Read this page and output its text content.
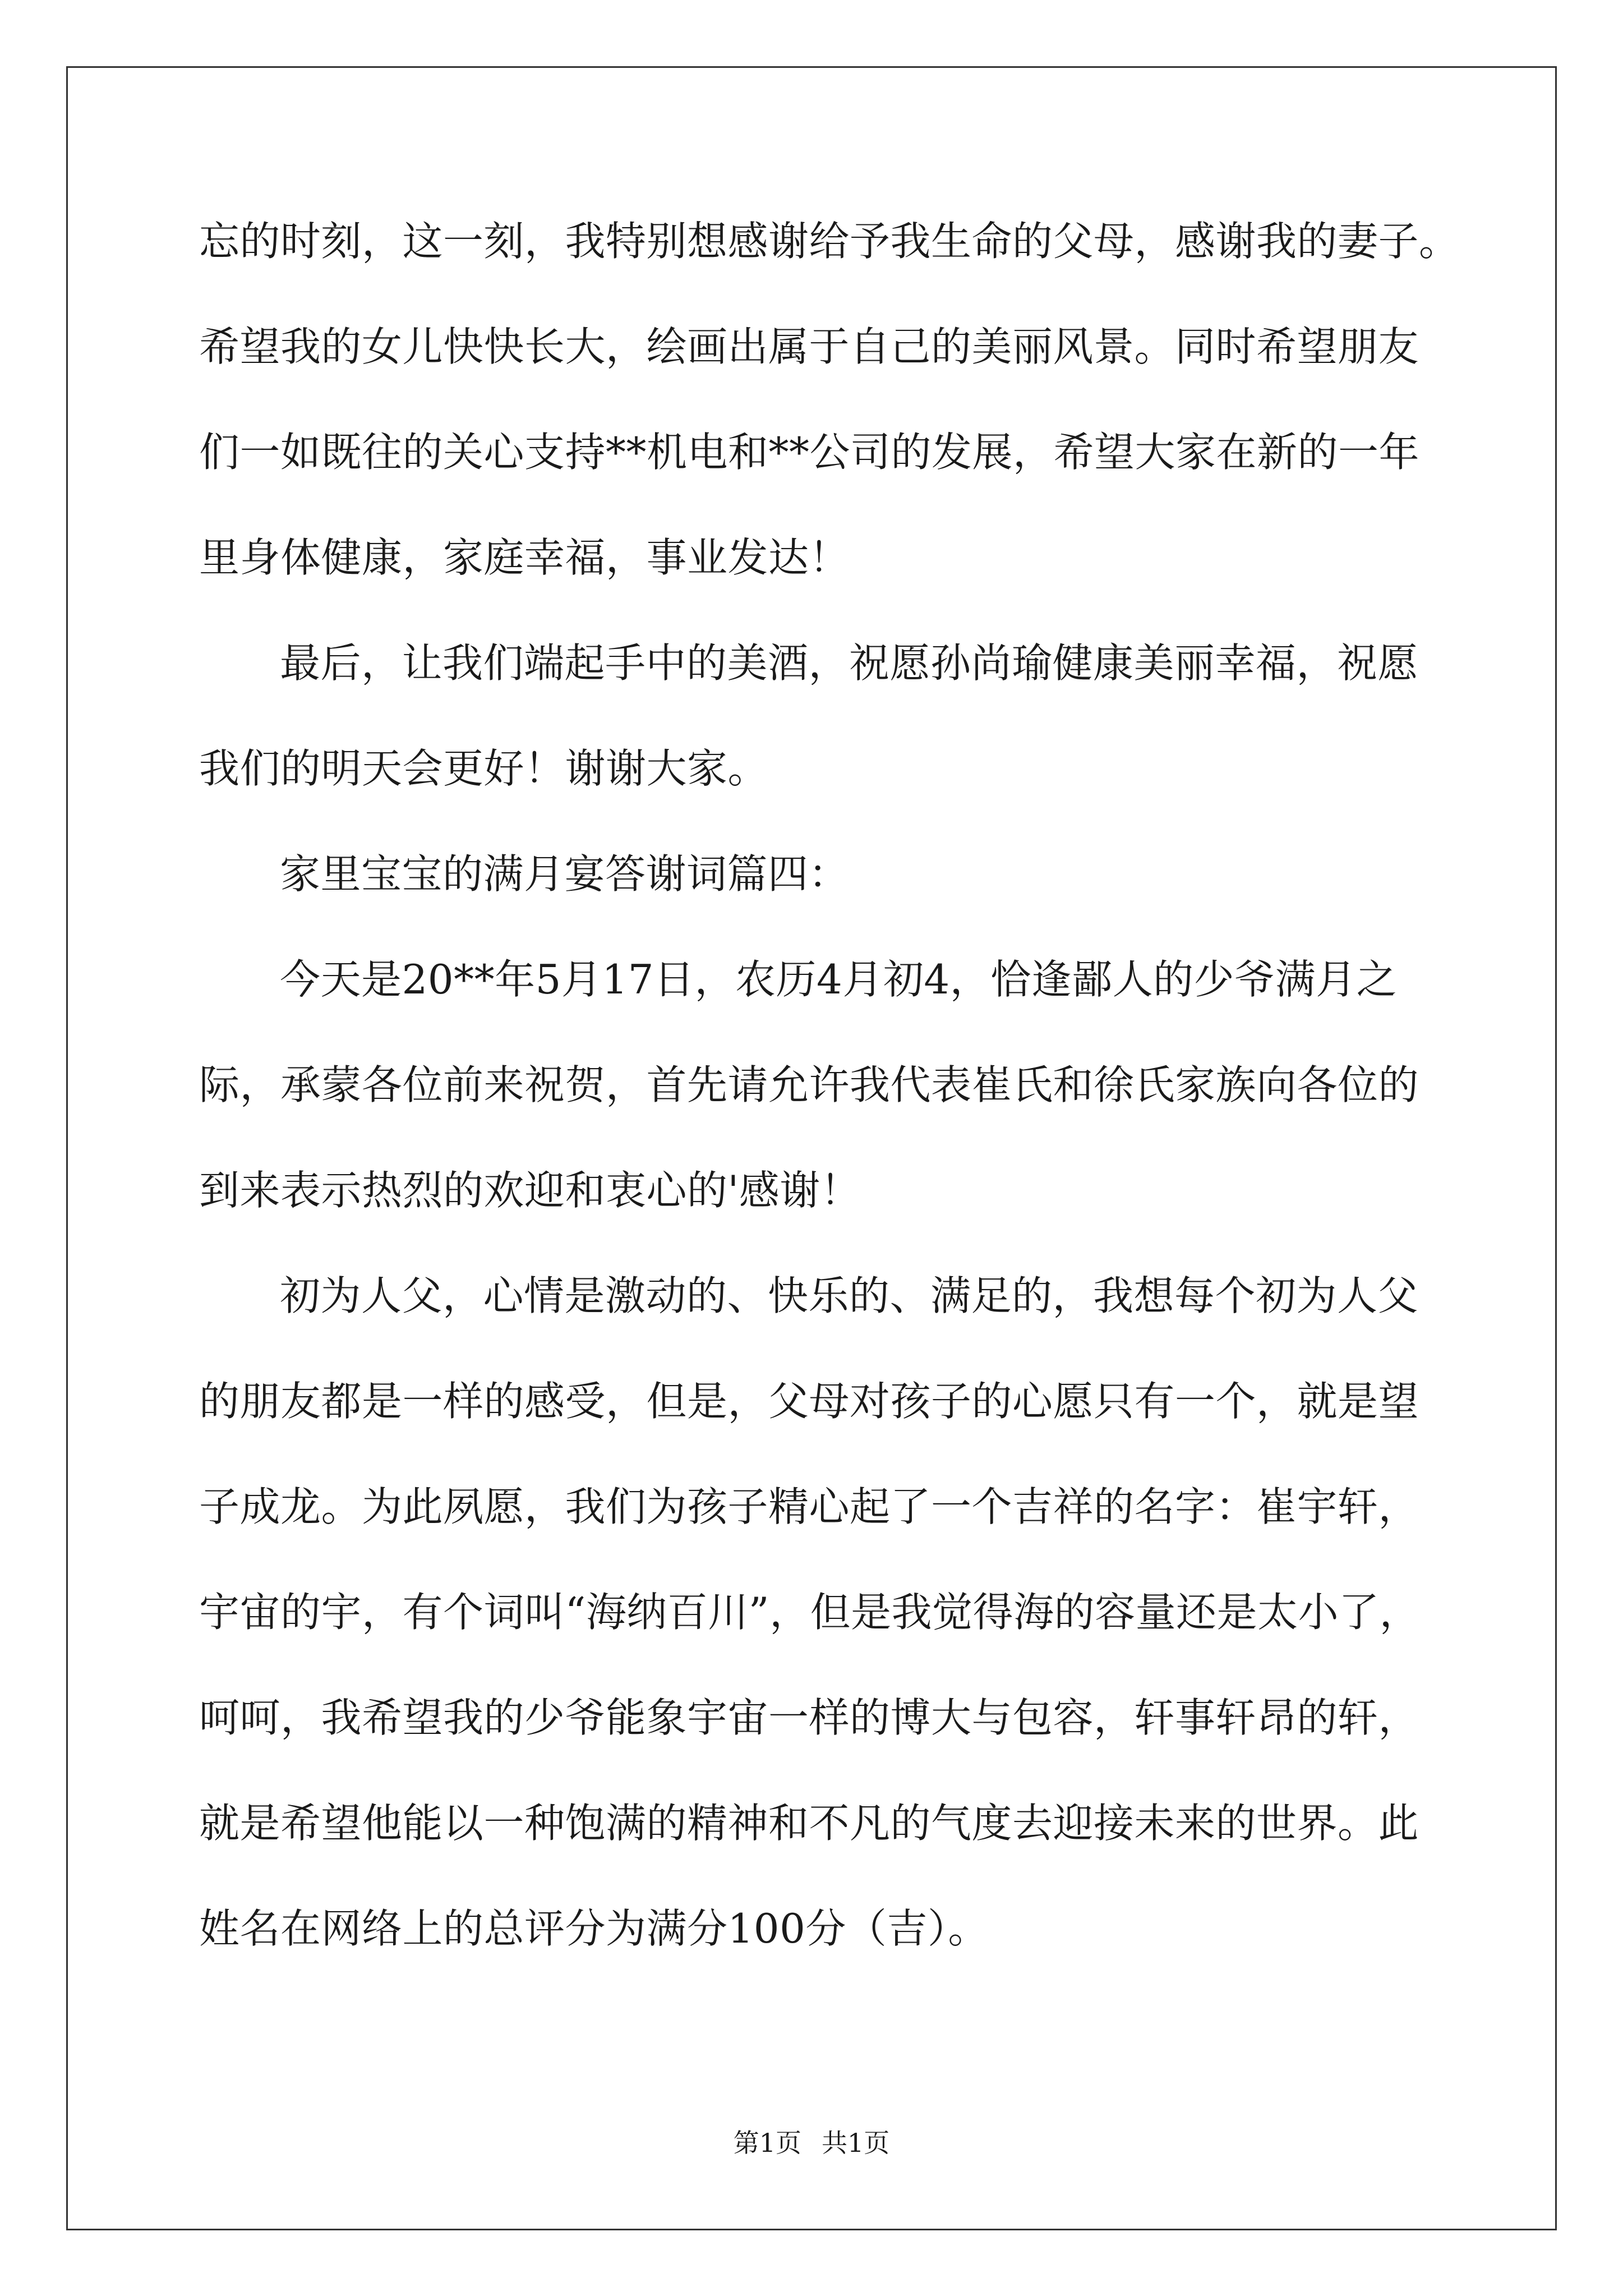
忘的时刻，这一刻，我特别想感谢给予我生命的父母，感谢我的妻子。
希望我的女儿快快长大，绘画出属于自己的美丽风景。同时希望朋友
们一如既往的关心支持**机电和**公司的发展，希望大家在新的一年
里身体健康，家庭幸福，事业发达！
最后，让我们端起手中的美酒，祝愿孙尚瑜健康美丽幸福，祝愿
我们的明天会更好！谢谢大家。
家里宝宝的满月宴答谢词篇四：
今天是20**年5月17日，农历4月初4，恰逢鄙人的少爷满月之
际，承蒙各位前来祝贺，首先请允许我代表崔氏和徐氏家族向各位的
到来表示热烈的欢迎和衷心的'感谢！
初为人父，心情是激动的、快乐的、满足的，我想每个初为人父
的朋友都是一样的感受，但是，父母对孩子的心愿只有一个，就是望
子成龙。为此夙愿，我们为孩子精心起了一个吉祥的名字：崔宇轩，
宇宙的宇，有个词叫“海纳百川”，但是我觉得海的容量还是太小了，
呵呵，我希望我的少爷能象宇宙一样的博大与包容，轩事轩昂的轩，
就是希望他能以一种饱满的精神和不凡的气度去迎接未来的世界。此
姓名在网络上的总评分为满分100分（吉）。
第1页 共1页
